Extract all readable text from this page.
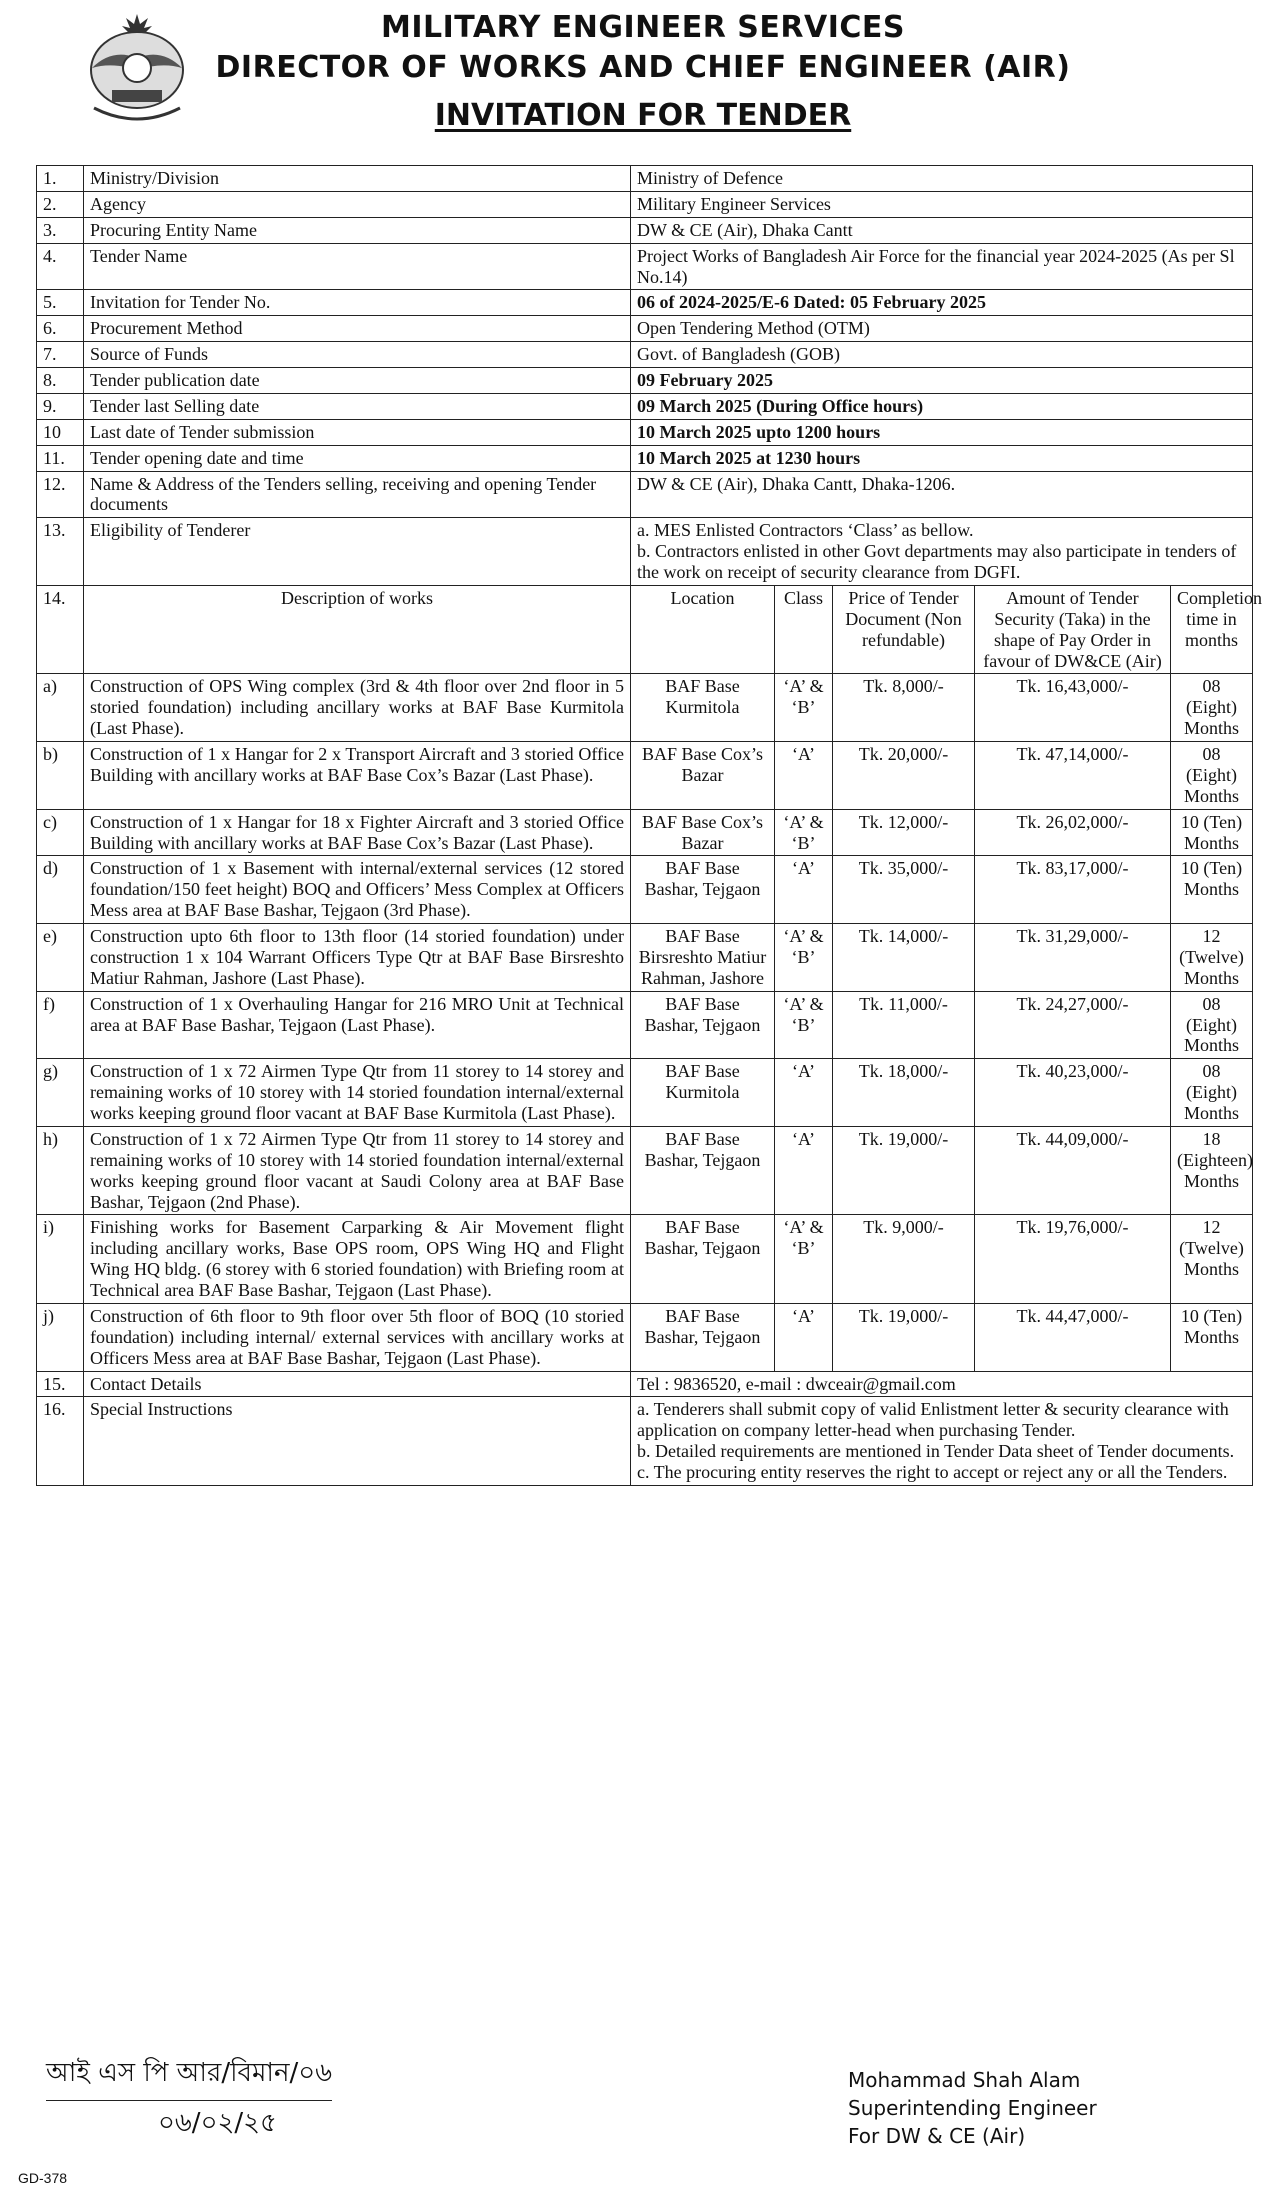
MILITARY ENGINEER SERVICES
DIRECTOR OF WORKS AND CHIEF ENGINEER (AIR)
INVITATION FOR TENDER
1.	Ministry/Division	Ministry of Defence				
2.	Agency	Military Engineer Services				
3.	Procuring Entity Name	DW & CE (Air), Dhaka Cantt				
4.	Tender Name	Project Works of Bangladesh Air Force for the financial year 2024-2025 (As per Sl No.14)				
5.	Invitation for Tender No.	06 of 2024-2025/E-6 Dated: 05 February 2025				
6.	Procurement Method	Open Tendering Method (OTM)				
7.	Source of Funds	Govt. of Bangladesh (GOB)				
8.	Tender publication date	09 February 2025				
9.	Tender last Selling date	09 March 2025 (During Office hours)				
10	Last date of Tender submission	10 March 2025 upto 1200 hours				
11.	Tender opening date and time	10 March 2025 at 1230 hours				
12.	Name & Address of the Tenders selling, receiving and opening Tender documents	DW & CE (Air), Dhaka Cantt, Dhaka-1206.				
13.	Eligibility of Tenderer	a. MES Enlisted Contractors ‘Class’ as bellow.
b. Contractors enlisted in other Govt departments may also participate in tenders of the work on receipt of security clearance from DGFI.				

14.	Description of works	Location	Class	Price of Tender Document (Non refundable)	Amount of Tender Security (Taka) in the shape of Pay Order in favour of DW&CE (Air)	Completion time in months
a)	Construction of OPS Wing complex (3rd & 4th floor over 2nd floor in 5 storied foundation) including ancillary works at BAF Base Kurmitola (Last Phase).	BAF Base Kurmitola	‘A’ & ‘B’	Tk. 8,000/-	Tk. 16,43,000/-	08 (Eight) Months
b)	Construction of 1 x Hangar for 2 x Transport Aircraft and 3 storied Office Building with ancillary works at BAF Base Cox’s Bazar (Last Phase).	BAF Base Cox’s Bazar	‘A’	Tk. 20,000/-	Tk. 47,14,000/-	08 (Eight) Months
c)	Construction of 1 x Hangar for 18 x Fighter Aircraft and 3 storied Office Building with ancillary works at BAF Base Cox’s Bazar (Last Phase).	BAF Base Cox’s Bazar	‘A’ & ‘B’	Tk. 12,000/-	Tk. 26,02,000/-	10 (Ten) Months
d)	Construction of 1 x Basement with internal/external services (12 stored foundation/150 feet height) BOQ and Officers’ Mess Complex at Officers Mess area at BAF Base Bashar, Tejgaon (3rd Phase).	BAF Base Bashar, Tejgaon	‘A’	Tk. 35,000/-	Tk. 83,17,000/-	10 (Ten) Months
e)	Construction upto 6th floor to 13th floor (14 storied foundation) under construction 1 x 104 Warrant Officers Type Qtr at BAF Base Birsreshto Matiur Rahman, Jashore (Last Phase).	BAF Base Birsreshto Matiur Rahman, Jashore	‘A’ & ‘B’	Tk. 14,000/-	Tk. 31,29,000/-	12 (Twelve) Months
f)	Construction of 1 x Overhauling Hangar for 216 MRO Unit at Technical area at BAF Base Bashar, Tejgaon (Last Phase).	BAF Base Bashar, Tejgaon	‘A’ & ‘B’	Tk. 11,000/-	Tk. 24,27,000/-	08 (Eight) Months
g)	Construction of 1 x 72 Airmen Type Qtr from 11 storey to 14 storey and remaining works of 10 storey with 14 storied foundation internal/external works keeping ground floor vacant at BAF Base Kurmitola (Last Phase).	BAF Base Kurmitola	‘A’	Tk. 18,000/-	Tk. 40,23,000/-	08 (Eight) Months
h)	Construction of 1 x 72 Airmen Type Qtr from 11 storey to 14 storey and remaining works of 10 storey with 14 storied foundation internal/external works keeping ground floor vacant at Saudi Colony area at BAF Base Bashar, Tejgaon (2nd Phase).	BAF Base Bashar, Tejgaon	‘A’	Tk. 19,000/-	Tk. 44,09,000/-	18 (Eighteen) Months
i)	Finishing works for Basement Carparking & Air Movement flight including ancillary works, Base OPS room, OPS Wing HQ and Flight Wing HQ bldg. (6 storey with 6 storied foundation) with Briefing room at Technical area BAF Base Bashar, Tejgaon (Last Phase).	BAF Base Bashar, Tejgaon	‘A’ & ‘B’	Tk. 9,000/-	Tk. 19,76,000/-	12 (Twelve) Months
j)	Construction of 6th floor to 9th floor over 5th floor of BOQ (10 storied foundation) including internal/ external services with ancillary works at Officers Mess area at BAF Base Bashar, Tejgaon (Last Phase).	BAF Base Bashar, Tejgaon	‘A’	Tk. 19,000/-	Tk. 44,47,000/-	10 (Ten) Months
15.	Contact Details	Tel : 9836520, e-mail : dwceair@gmail.com				
16.	Special Instructions	a. Tenderers shall submit copy of valid Enlistment letter & security clearance with application on company letter-head when purchasing Tender.
b. Detailed requirements are mentioned in Tender Data sheet of Tender documents.
c. The procuring entity reserves the right to accept or reject any or all the Tenders.				
আই এস পি আর/বিমান/০৬
০৬/০২/২৫
Mohammad Shah Alam
Superintending Engineer
For DW & CE (Air)
GD-378
